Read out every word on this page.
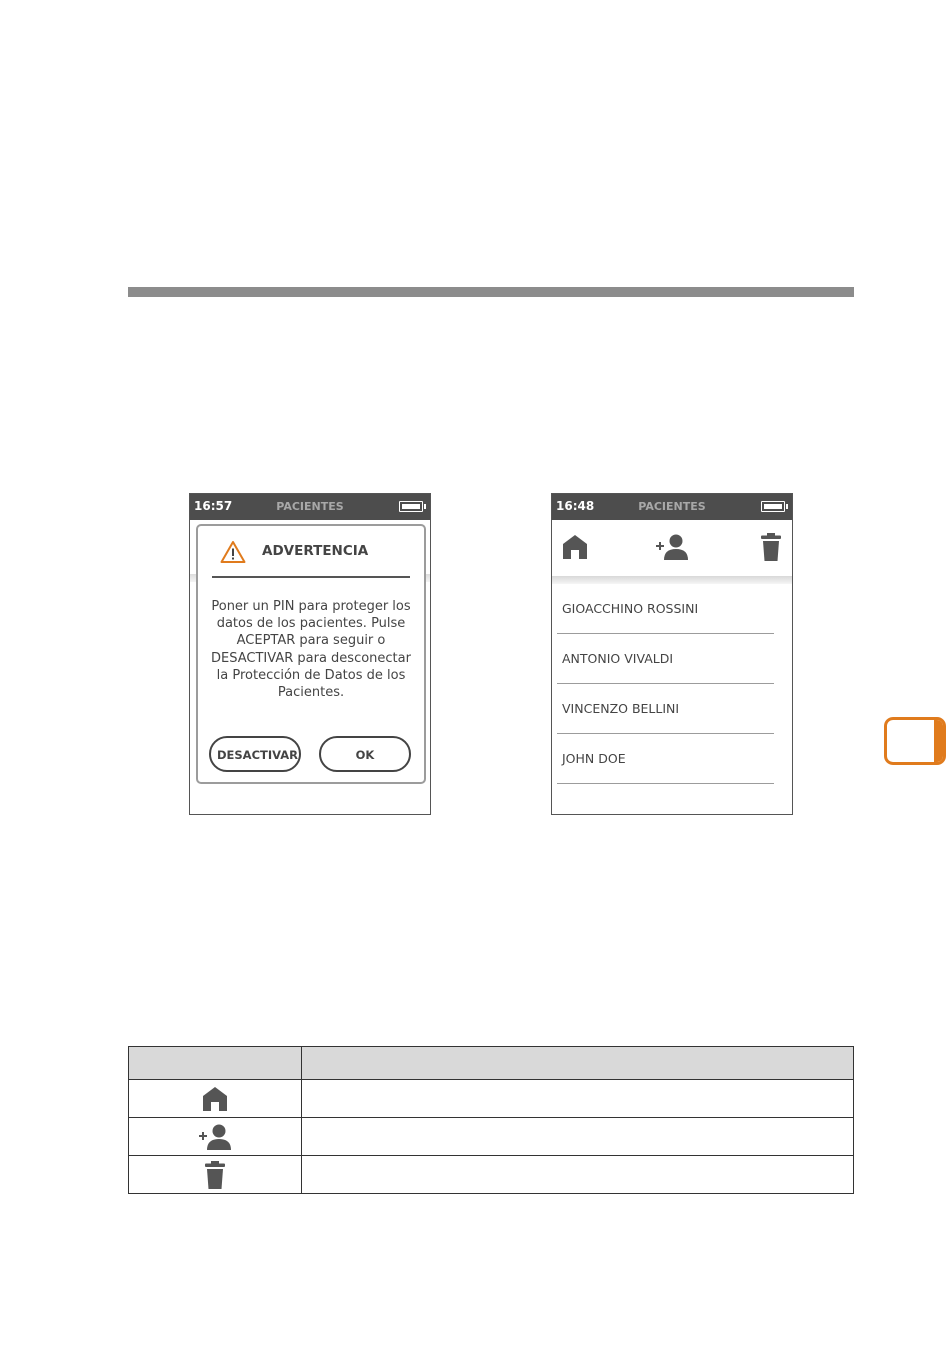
16:57	PACIENTES
ADVERTENCIA
Poner un PIN para proteger los datos de los pacientes. Pulse ACEPTAR para seguir o DESACTIVAR para desconectar la Protección de Datos de los Pacientes.
DESACTIVAR	OK
16:48	PACIENTES
GIOACCHINO ROSSINI
ANTONIO VIVALDI
VINCENZO BELLINI
JOHN DOE
